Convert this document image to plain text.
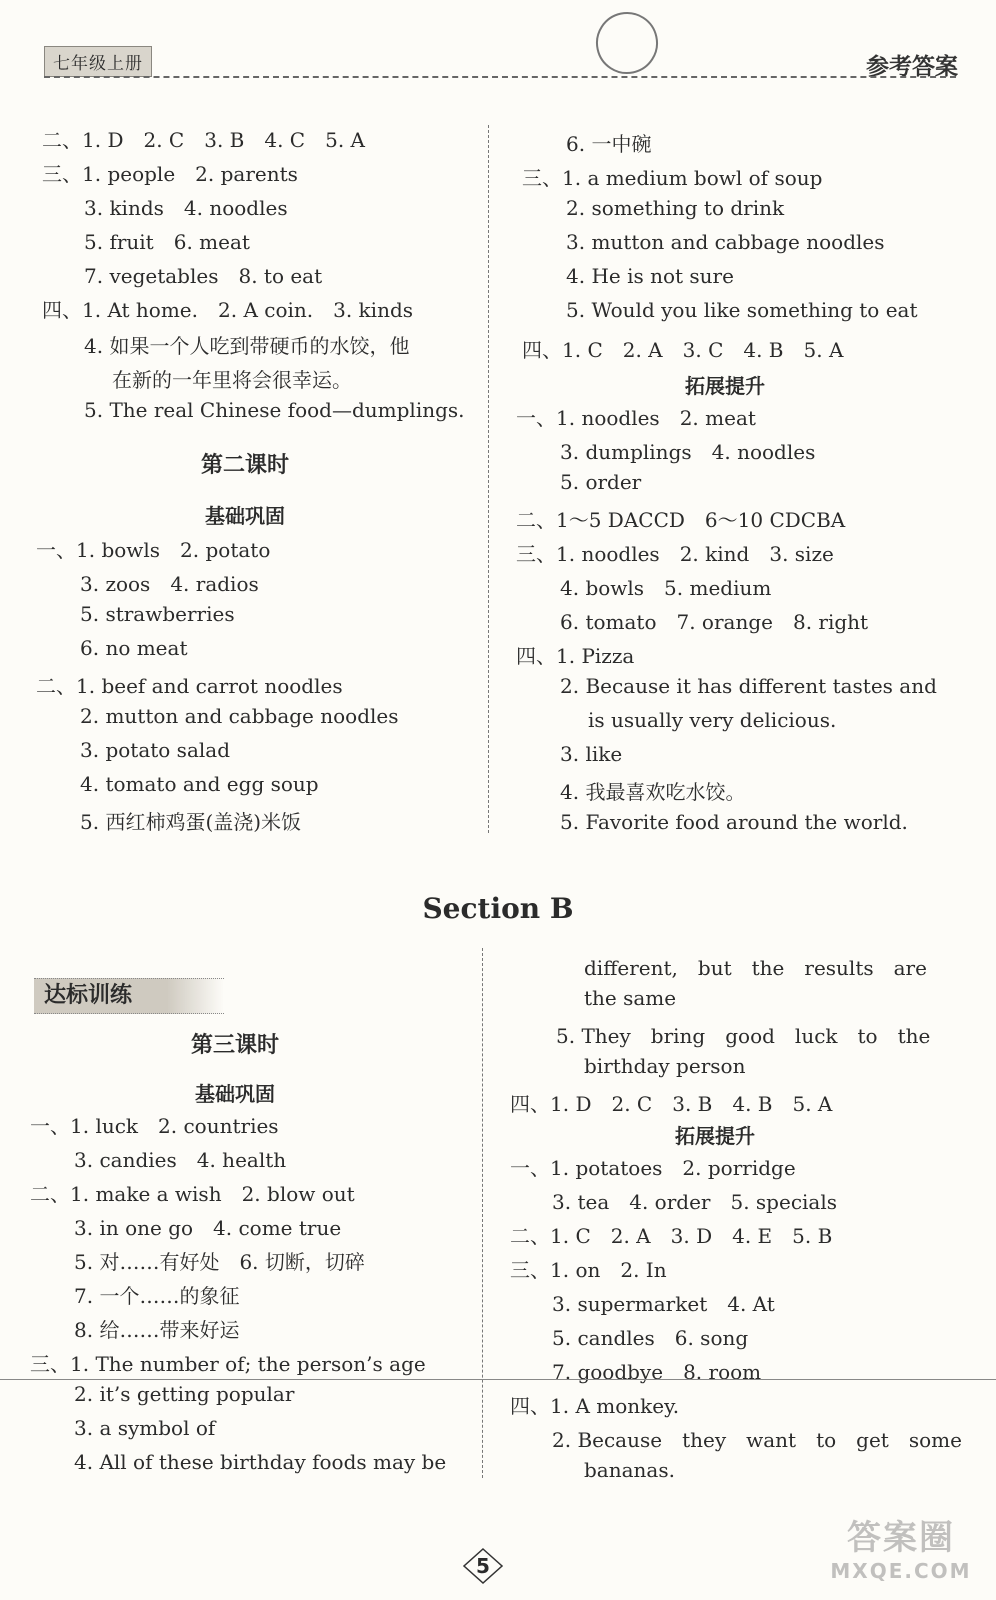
七年级上册	参考答案
二、1. D　2. C　3. B　4. C　5. A
三、1. people　2. parents
3. kinds　4. noodles
5. fruit　6. meat
7. vegetables　8. to eat
四、1. At home.　2. A coin.　3. kinds
4. 如果一个人吃到带硬币的水饺，他
在新的一年里将会很幸运。
5. The real Chinese food—dumplings.
第二课时
基础巩固
一、1. bowls　2. potato
3. zoos　4. radios
5. strawberries
6. no meat
二、1. beef and carrot noodles
2. mutton and cabbage noodles
3. potato salad
4. tomato and egg soup
5. 西红柿鸡蛋(盖浇)米饭
6. 一中碗
三、1. a medium bowl of soup
2. something to drink
3. mutton and cabbage noodles
4. He is not sure
5. Would you like something to eat
四、1. C　2. A　3. C　4. B　5. A
拓展提升
一、1. noodles　2. meat
3. dumplings　4. noodles
5. order
二、1～5 DACCD　6～10 CDCBA
三、1. noodles　2. kind　3. size
4. bowls　5. medium
6. tomato　7. orange　8. right
四、1. Pizza
2. Because it has different tastes and
is usually very delicious.
3. like
4. 我最喜欢吃水饺。
5. Favorite food around the world.
Section B
达标训练
第三课时
基础巩固
一、1. luck　2. countries
3. candies　4. health
二、1. make a wish　2. blow out
3. in one go　4. come true
5. 对……有好处　6. 切断，切碎
7. 一个……的象征
8. 给……带来好运
三、1. The number of; the person’s age
2. it’s getting popular
3. a symbol of
4. All of these birthday foods may be
different,　but　the　results　are
the same
5. They　bring　good　luck　to　the
birthday person
四、1. D　2. C　3. B　4. B　5. A
拓展提升
一、1. potatoes　2. porridge
3. tea　4. order　5. specials
二、1. C　2. A　3. D　4. E　5. B
三、1. on　2. In
3. supermarket　4. At
5. candles　6. song
7. goodbye　8. room
四、1. A monkey.
2. Because　they　want　to　get　some
bananas.
5
答案圈
MXQE.COM
